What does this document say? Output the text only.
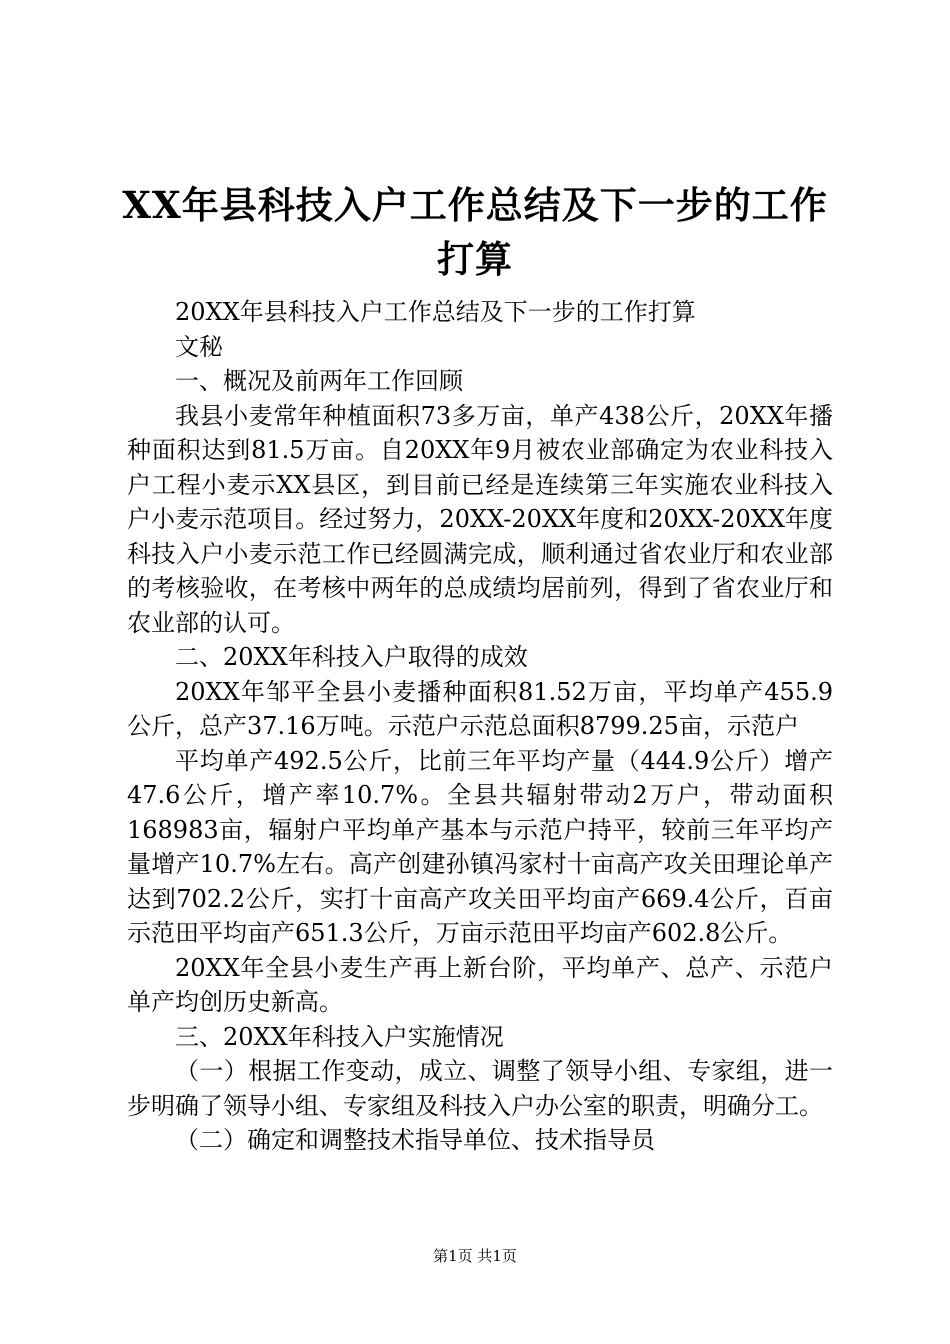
XX年县科技入户工作总结及下一步的工作打算

20XX年县科技入户工作总结及下一步的工作打算

文秘

一、概况及前两年工作回顾

我县小麦常年种植面积73多万亩，单产438公斤，20XX年播种面积达到81.5万亩。自20XX年9月被农业部确定为农业科技入户工程小麦示XX县区，到目前已经是连续第三年实施农业科技入户小麦示范项目。经过努力，20XX-20XX年度和20XX-20XX年度科技入户小麦示范工作已经圆满完成，顺利通过省农业厅和农业部的考核验收，在考核中两年的总成绩均居前列，得到了省农业厅和农业部的认可。

二、20XX年科技入户取得的成效

20XX年邹平全县小麦播种面积81.52万亩，平均单产455.9公斤，总产37.16万吨。示范户示范总面积8799.25亩，示范户

平均单产492.5公斤，比前三年平均产量（444.9公斤）增产47.6公斤，增产率10.7%。全县共辐射带动2万户，带动面积168983亩，辐射户平均单产基本与示范户持平，较前三年平均产量增产10.7%左右。高产创建孙镇冯家村十亩高产攻关田理论单产达到702.2公斤，实打十亩高产攻关田平均亩产669.4公斤，百亩示范田平均亩产651.3公斤，万亩示范田平均亩产602.8公斤。

20XX年全县小麦生产再上新台阶，平均单产、总产、示范户单产均创历史新高。

三、20XX年科技入户实施情况

（一）根据工作变动，成立、调整了领导小组、专家组，进一步明确了领导小组、专家组及科技入户办公室的职责，明确分工。

（二）确定和调整技术指导单位、技术指导员

第1页 共1页
